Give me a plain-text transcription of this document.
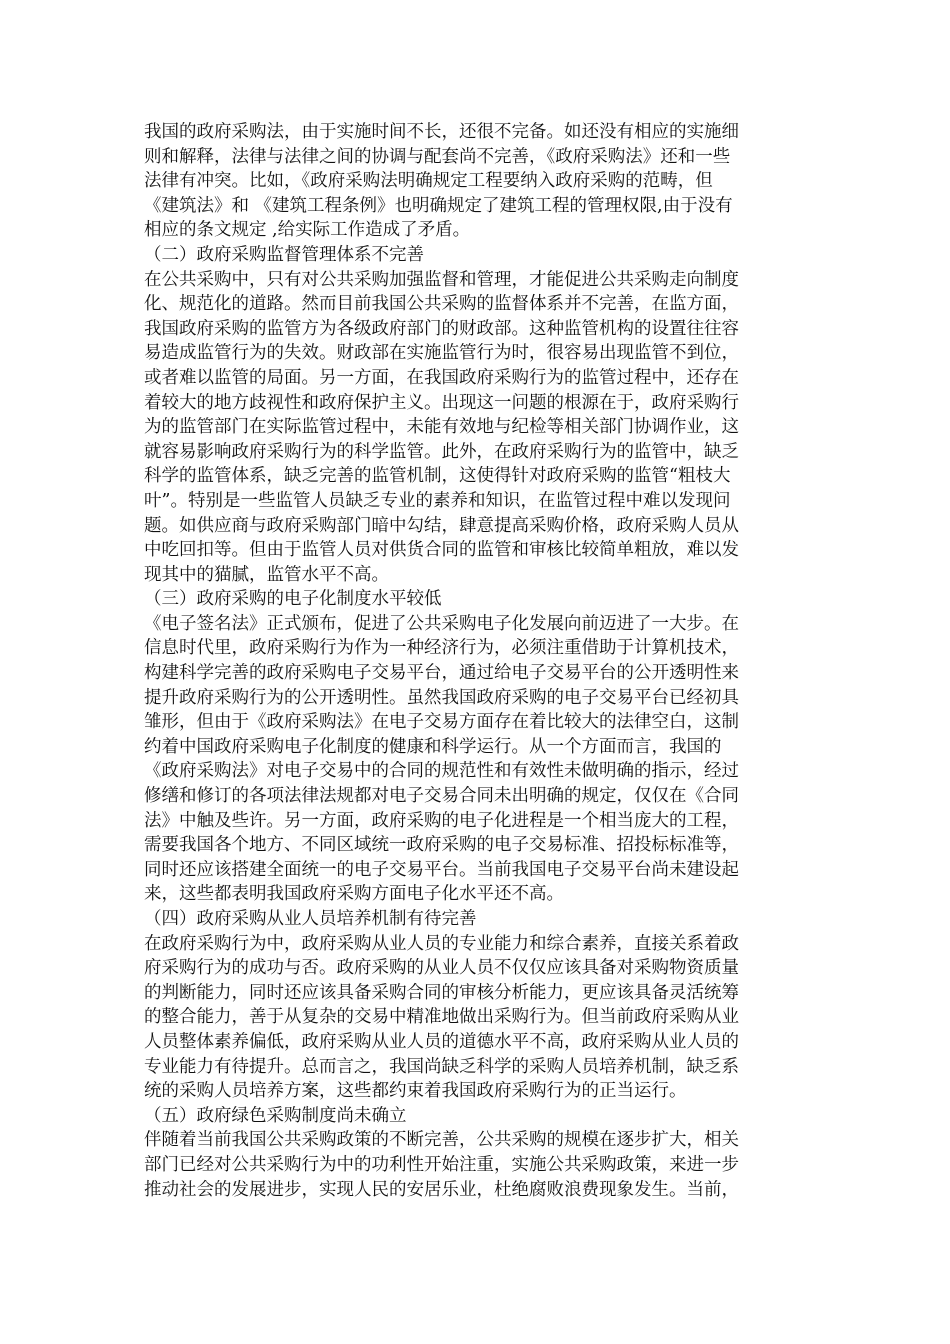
我国的政府采购法，由于实施时间不长，还很不完备。如还没有相应的实施细
则和解释，法律与法律之间的协调与配套尚不完善，《政府采购法》还和一些
法律有冲突。比如，《政府采购法明确规定工程要纳入政府采购的范畴，但
《建筑法》和 《建筑工程条例》也明确规定了建筑工程的管理权限,由于没有
相应的条文规定 ,给实际工作造成了矛盾。
（二）政府采购监督管理体系不完善
在公共采购中，只有对公共采购加强监督和管理，才能促进公共采购走向制度
化、规范化的道路。然而目前我国公共采购的监督体系并不完善，在监方面，
我国政府采购的监管方为各级政府部门的财政部。这种监管机构的设置往往容
易造成监管行为的失效。财政部在实施监管行为时，很容易出现监管不到位，
或者难以监管的局面。另一方面，在我国政府采购行为的监管过程中，还存在
着较大的地方歧视性和政府保护主义。出现这一问题的根源在于，政府采购行
为的监管部门在实际监管过程中，未能有效地与纪检等相关部门协调作业，这
就容易影响政府采购行为的科学监管。此外，在政府采购行为的监管中，缺乏
科学的监管体系，缺乏完善的监管机制，这使得针对政府采购的监管“粗枝大
叶”。特别是一些监管人员缺乏专业的素养和知识，在监管过程中难以发现问
题。如供应商与政府采购部门暗中勾结，肆意提高采购价格，政府采购人员从
中吃回扣等。但由于监管人员对供货合同的监管和审核比较简单粗放，难以发
现其中的猫腻，监管水平不高。
（三）政府采购的电子化制度水平较低
《电子签名法》正式颁布，促进了公共采购电子化发展向前迈进了一大步。在
信息时代里，政府采购行为作为一种经济行为，必须注重借助于计算机技术，
构建科学完善的政府采购电子交易平台，通过给电子交易平台的公开透明性来
提升政府采购行为的公开透明性。虽然我国政府采购的电子交易平台已经初具
雏形，但由于《政府采购法》在电子交易方面存在着比较大的法律空白，这制
约着中国政府采购电子化制度的健康和科学运行。从一个方面而言，我国的
《政府采购法》对电子交易中的合同的规范性和有效性未做明确的指示，经过
修缮和修订的各项法律法规都对电子交易合同未出明确的规定，仅仅在《合同
法》中触及些许。另一方面，政府采购的电子化进程是一个相当庞大的工程，
需要我国各个地方、不同区域统一政府采购的电子交易标准、招投标标准等，
同时还应该搭建全面统一的电子交易平台。当前我国电子交易平台尚未建设起
来，这些都表明我国政府采购方面电子化水平还不高。
（四）政府采购从业人员培养机制有待完善
在政府采购行为中，政府采购从业人员的专业能力和综合素养，直接关系着政
府采购行为的成功与否。政府采购的从业人员不仅仅应该具备对采购物资质量
的判断能力，同时还应该具备采购合同的审核分析能力，更应该具备灵活统筹
的整合能力，善于从复杂的交易中精准地做出采购行为。但当前政府采购从业
人员整体素养偏低，政府采购从业人员的道德水平不高，政府采购从业人员的
专业能力有待提升。总而言之，我国尚缺乏科学的采购人员培养机制，缺乏系
统的采购人员培养方案，这些都约束着我国政府采购行为的正当运行。
（五）政府绿色采购制度尚未确立
伴随着当前我国公共采购政策的不断完善，公共采购的规模在逐步扩大，相关
部门已经对公共采购行为中的功利性开始注重，实施公共采购政策，来进一步
推动社会的发展进步，实现人民的安居乐业，杜绝腐败浪费现象发生。当前，
